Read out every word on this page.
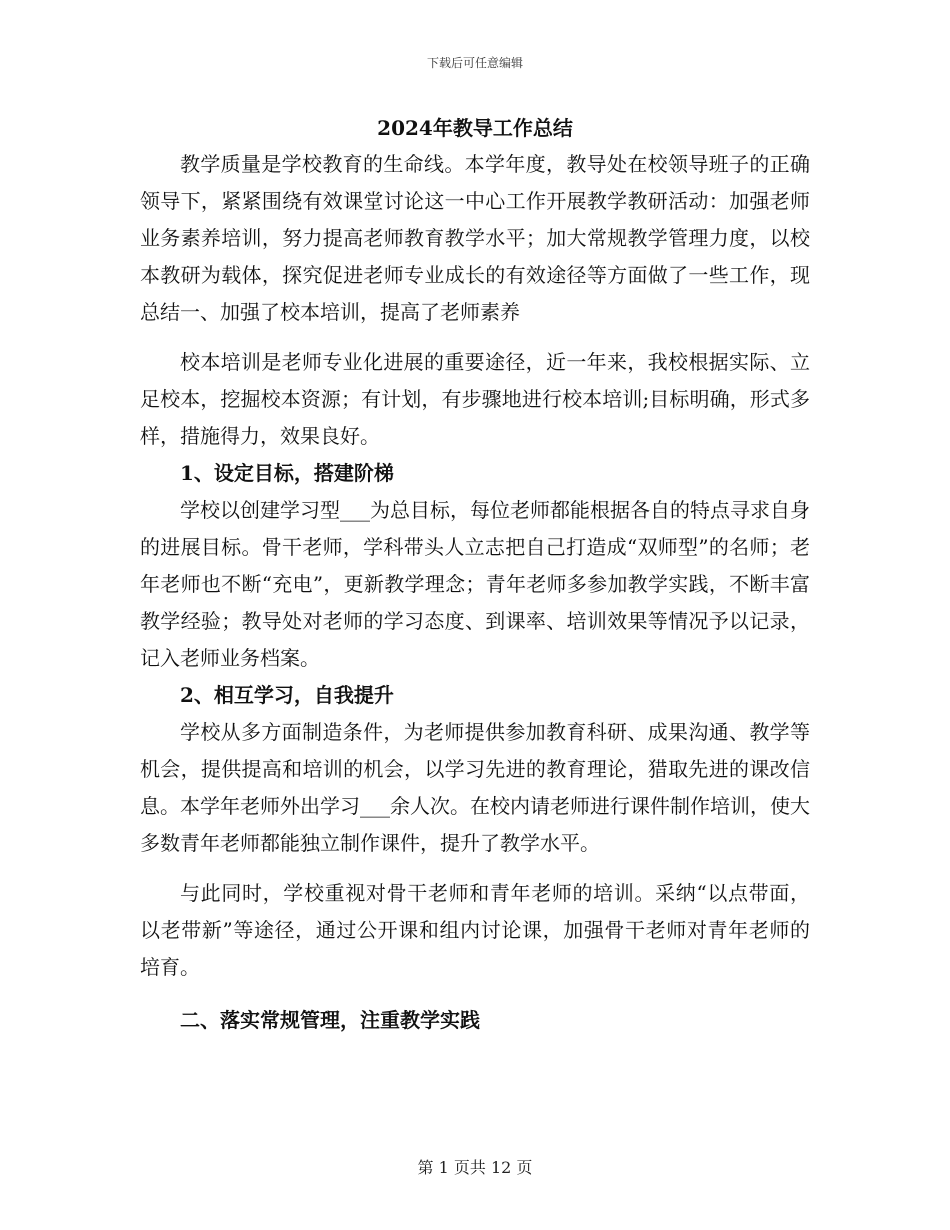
下载后可任意编辑

2024年教导工作总结

教学质量是学校教育的生命线。本学年度，教导处在校领导班子的正确领导下，紧紧围绕有效课堂讨论这一中心工作开展教学教研活动：加强老师业务素养培训，努力提高老师教育教学水平；加大常规教学管理力度，以校本教研为载体，探究促进老师专业成长的有效途径等方面做了一些工作，现总结一、加强了校本培训，提高了老师素养

校本培训是老师专业化进展的重要途径，近一年来，我校根据实际、立足校本，挖掘校本资源；有计划，有步骤地进行校本培训;目标明确，形式多样，措施得力，效果良好。

1、设定目标，搭建阶梯

学校以创建学习型___为总目标，每位老师都能根据各自的特点寻求自身的进展目标。骨干老师，学科带头人立志把自己打造成“双师型”的名师；老年老师也不断“充电”，更新教学理念；青年老师多参加教学实践，不断丰富教学经验；教导处对老师的学习态度、到课率、培训效果等情况予以记录，记入老师业务档案。

2、相互学习，自我提升

学校从多方面制造条件，为老师提供参加教育科研、成果沟通、教学等机会，提供提高和培训的机会，以学习先进的教育理论，猎取先进的课改信息。本学年老师外出学习___余人次。在校内请老师进行课件制作培训，使大多数青年老师都能独立制作课件，提升了教学水平。

与此同时，学校重视对骨干老师和青年老师的培训。采纳“以点带面，以老带新”等途径，通过公开课和组内讨论课，加强骨干老师对青年老师的培育。

二、落实常规管理，注重教学实践

第 1 页共 12 页
